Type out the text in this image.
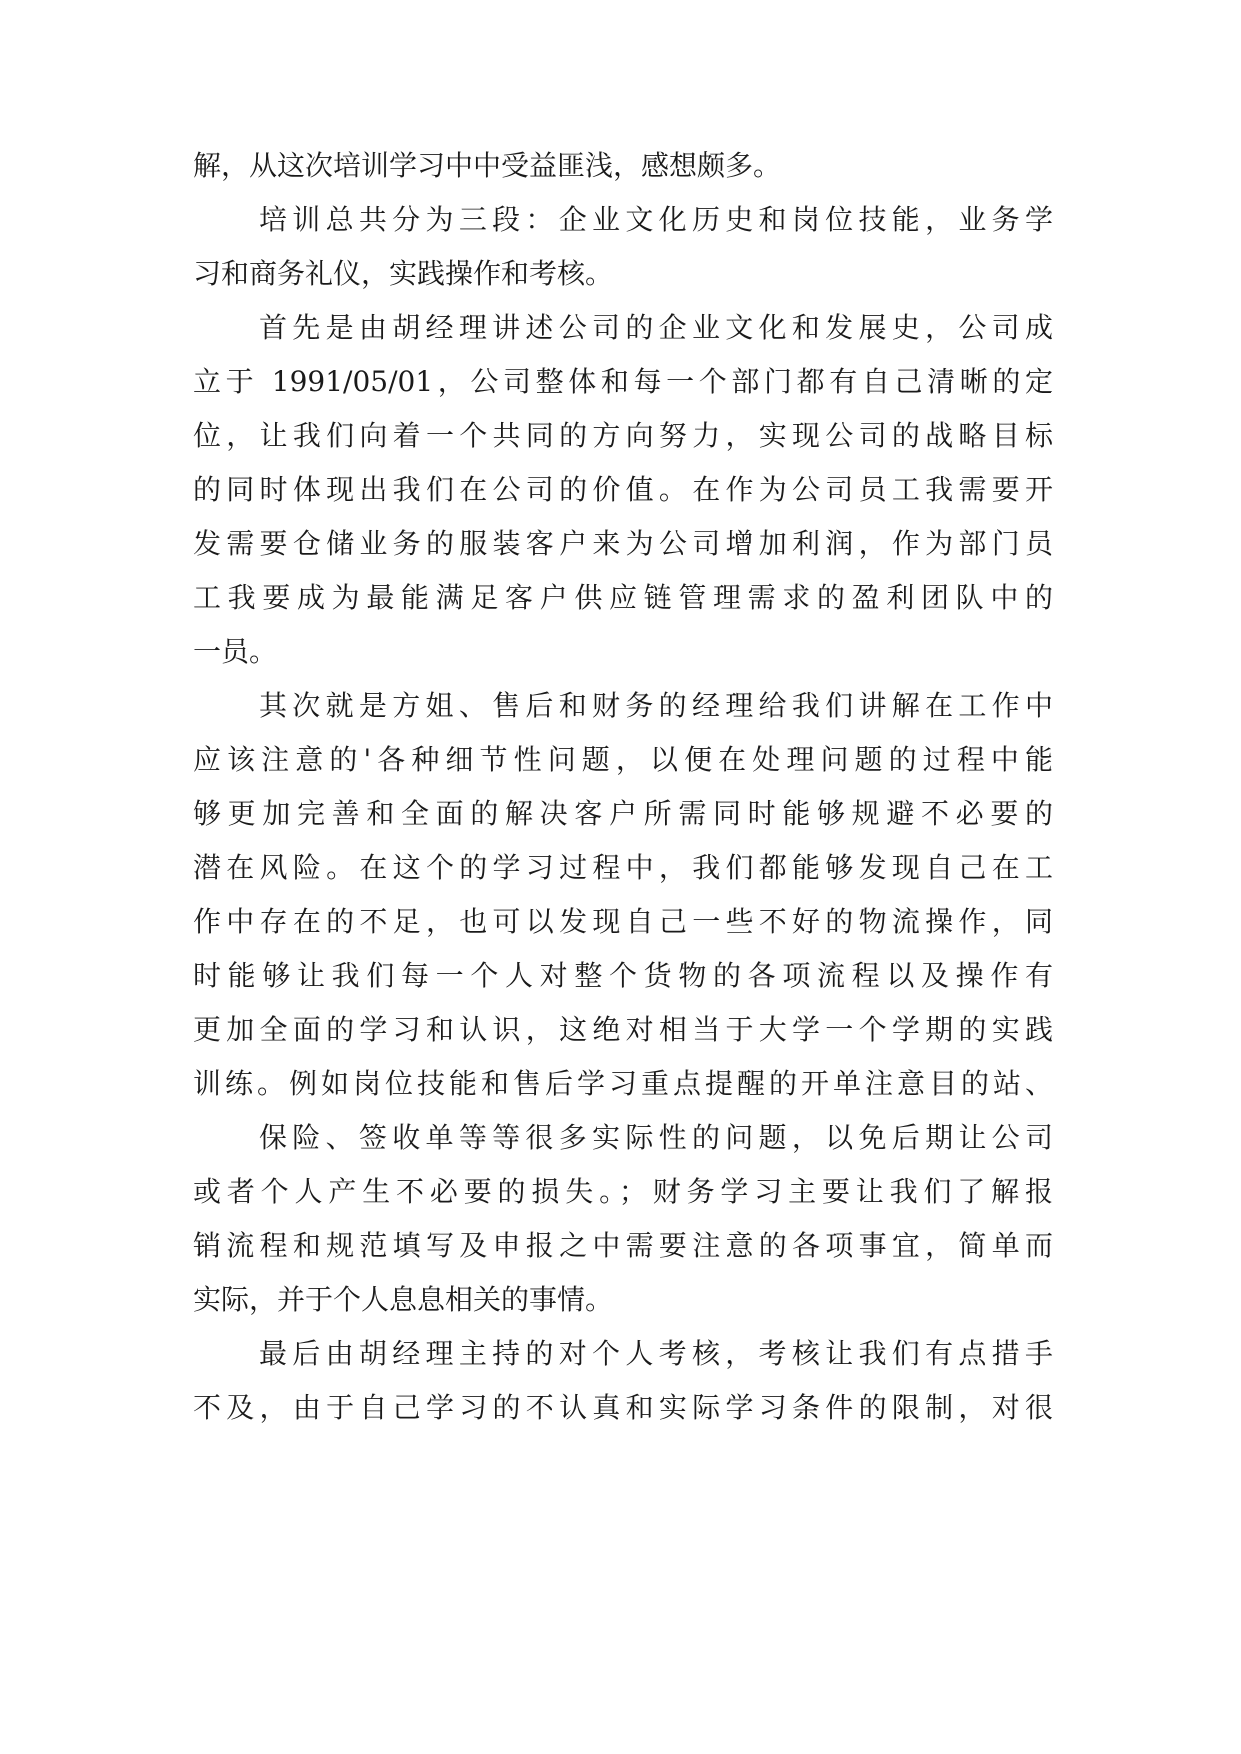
解，从这次培训学习中中受益匪浅，感想颇多。
培训总共分为三段：企业文化历史和岗位技能，业务学
习和商务礼仪，实践操作和考核。
首先是由胡经理讲述公司的企业文化和发展史，公司成
立于 1991/05/01，公司整体和每一个部门都有自己清晰的定
位，让我们向着一个共同的方向努力，实现公司的战略目标
的同时体现出我们在公司的价值。在作为公司员工我需要开
发需要仓储业务的服装客户来为公司增加利润，作为部门员
工我要成为最能满足客户供应链管理需求的盈利团队中的
一员。
其次就是方姐、售后和财务的经理给我们讲解在工作中
应该注意的'各种细节性问题，以便在处理问题的过程中能
够更加完善和全面的解决客户所需同时能够规避不必要的
潜在风险。在这个的学习过程中，我们都能够发现自己在工
作中存在的不足，也可以发现自己一些不好的物流操作，同
时能够让我们每一个人对整个货物的各项流程以及操作有
更加全面的学习和认识，这绝对相当于大学一个学期的实践
训练。例如岗位技能和售后学习重点提醒的开单注意目的站、
保险、签收单等等很多实际性的问题，以免后期让公司
或者个人产生不必要的损失。；财务学习主要让我们了解报
销流程和规范填写及申报之中需要注意的各项事宜，简单而
实际，并于个人息息相关的事情。
最后由胡经理主持的对个人考核，考核让我们有点措手
不及，由于自己学习的不认真和实际学习条件的限制，对很
